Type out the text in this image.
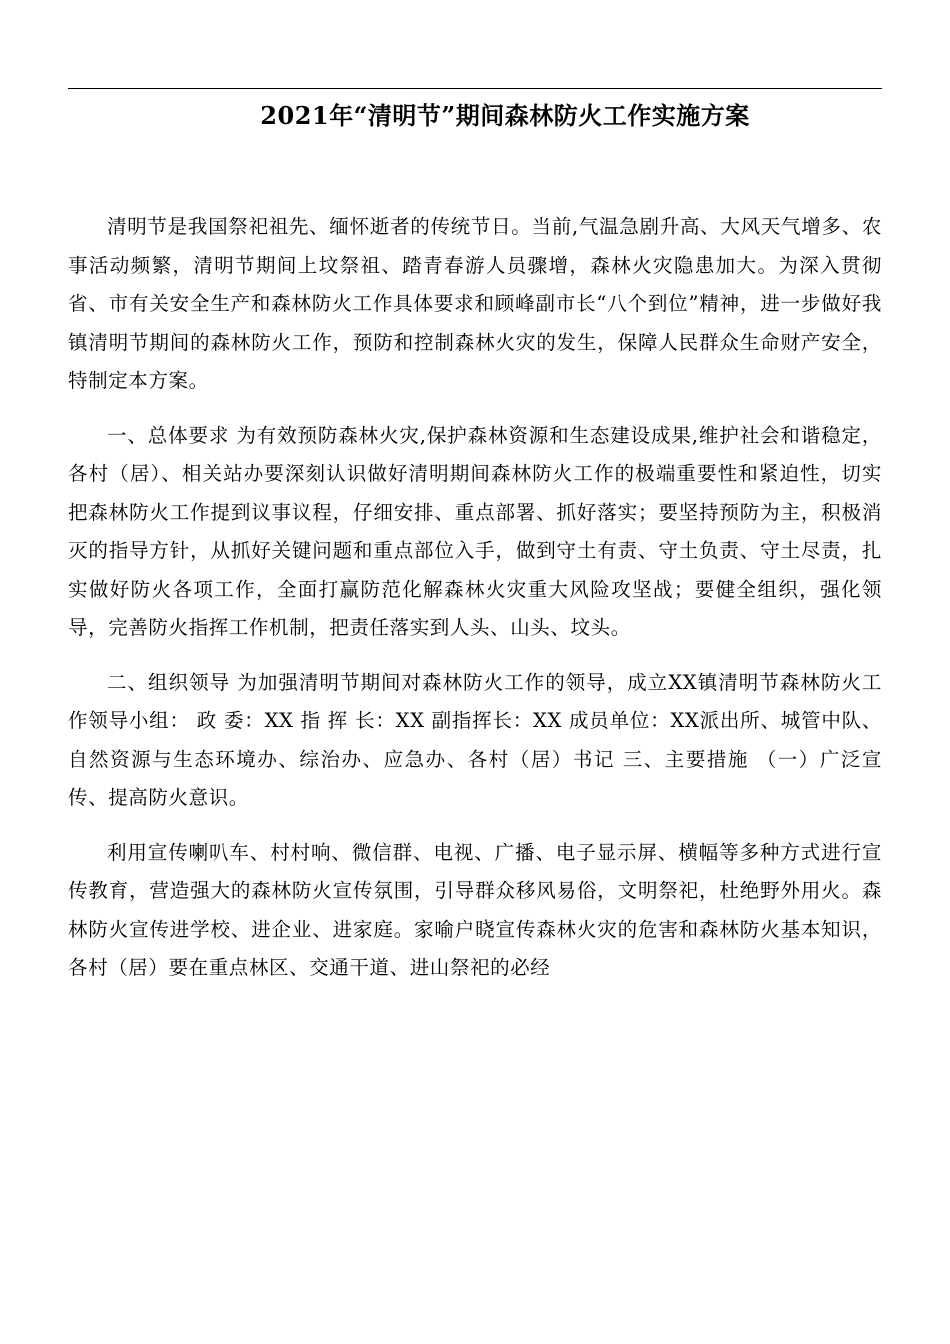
2021年“清明节”期间森林防火工作实施方案

清明节是我国祭祀祖先、缅怀逝者的传统节日。当前,气温急剧升高、大风天气增多、农事活动频繁，清明节期间上坟祭祖、踏青春游人员骤增，森林火灾隐患加大。为深入贯彻省、市有关安全生产和森林防火工作具体要求和顾峰副市长“八个到位”精神，进一步做好我镇清明节期间的森林防火工作，预防和控制森林火灾的发生，保障人民群众生命财产安全，特制定本方案。

一、总体要求 为有效预防森林火灾,保护森林资源和生态建设成果,维护社会和谐稳定，各村（居）、相关站办要深刻认识做好清明期间森林防火工作的极端重要性和紧迫性，切实把森林防火工作提到议事议程，仔细安排、重点部署、抓好落实；要坚持预防为主，积极消灭的指导方针，从抓好关键问题和重点部位入手，做到守土有责、守土负责、守土尽责，扎实做好防火各项工作，全面打赢防范化解森林火灾重大风险攻坚战；要健全组织，强化领导，完善防火指挥工作机制，把责任落实到人头、山头、坟头。

二、组织领导 为加强清明节期间对森林防火工作的领导，成立XX镇清明节森林防火工作领导小组： 政 委：XX 指 挥 长：XX 副指挥长：XX 成员单位：XX派出所、城管中队、自然资源与生态环境办、综治办、应急办、各村（居）书记 三、主要措施 （一）广泛宣传、提高防火意识。

利用宣传喇叭车、村村响、微信群、电视、广播、电子显示屏、横幅等多种方式进行宣传教育，营造强大的森林防火宣传氛围，引导群众移风易俗，文明祭祀，杜绝野外用火。森林防火宣传进学校、进企业、进家庭。家喻户晓宣传森林火灾的危害和森林防火基本知识，各村（居）要在重点林区、交通干道、进山祭祀的必经
